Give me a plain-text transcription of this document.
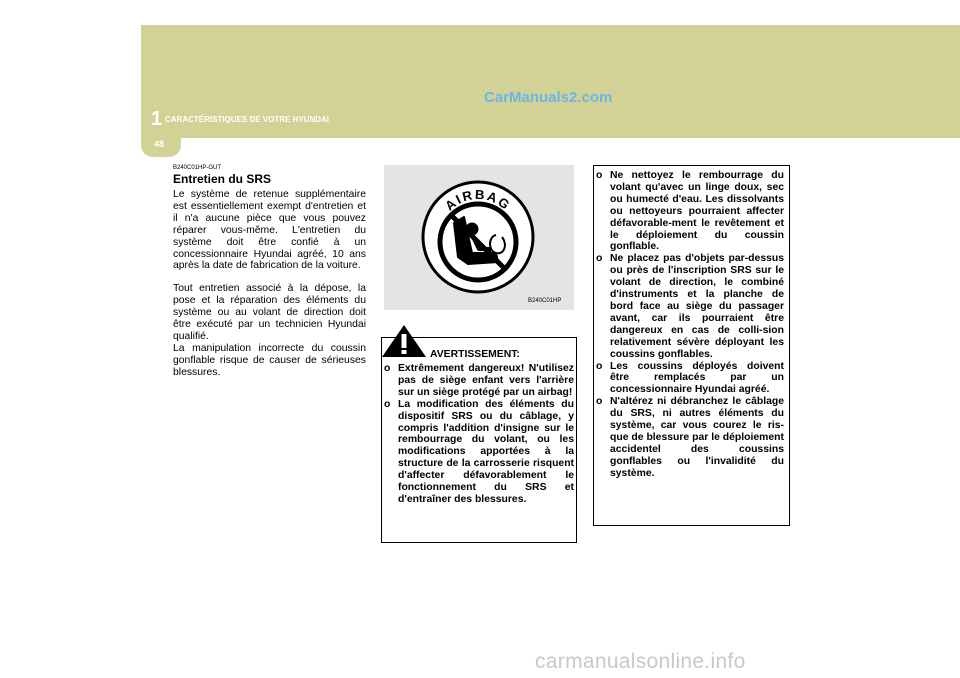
1 CARACTÉRISTIQUES DE VOTRE HYUNDAI
CarManuals2.com
48
B240C01HP-GUT
Entretien du SRS

Le système de retenue supplémentaire est essentiellement exempt d'entretien et il n'a aucune pièce que vous pouvez réparer vous-même. L'entretien du système doit être confié à un concessionnaire Hyundai agréé, 10 ans après la date de fabrication de la voiture.

Tout entretien associé à la dépose, la pose et la réparation des éléments du système ou au volant de direction doit être exécuté par un technicien Hyundai qualifié.
La manipulation incorrecte du coussin gonflable risque de causer de sérieuses blessures.

AIRBAG
B240C01HP
AVERTISSEMENT:
o Extrêmement dangereux! N'utilisez pas de siège enfant vers l'arrière sur un siège protégé par un airbag!
o La modification des éléments du dispositif SRS ou du câblage, y compris l'addition d'insigne sur le rembourrage du volant, ou les modifications apportées à la structure de la carrosserie risquent d'affecter défavorablement le fonctionnement du SRS et d'entraîner des blessures.
o Ne nettoyez le rembourrage du volant qu'avec un linge doux, sec ou humecté d'eau. Les dissolvants ou nettoyeurs pourraient affecter défavorable-ment le revêtement et le déploiement du coussin gonflable.
o Ne placez pas d'objets par-dessus ou près de l'inscription SRS sur le volant de direction, le combiné d'instruments et la planche de bord face au siège du passager avant, car ils pourraient être dangereux en cas de colli-sion relativement sévère déployant les coussins gonflables.
o Les coussins déployés doivent être remplacés par un concessionnaire Hyundai agréé.
o N'altérez ni débranchez le câblage du SRS, ni autres éléments du système, car vous courez le ris-que de blessure par le déploiement accidentel des coussins gonflables ou l'invalidité du système.
carmanualsonline.info
